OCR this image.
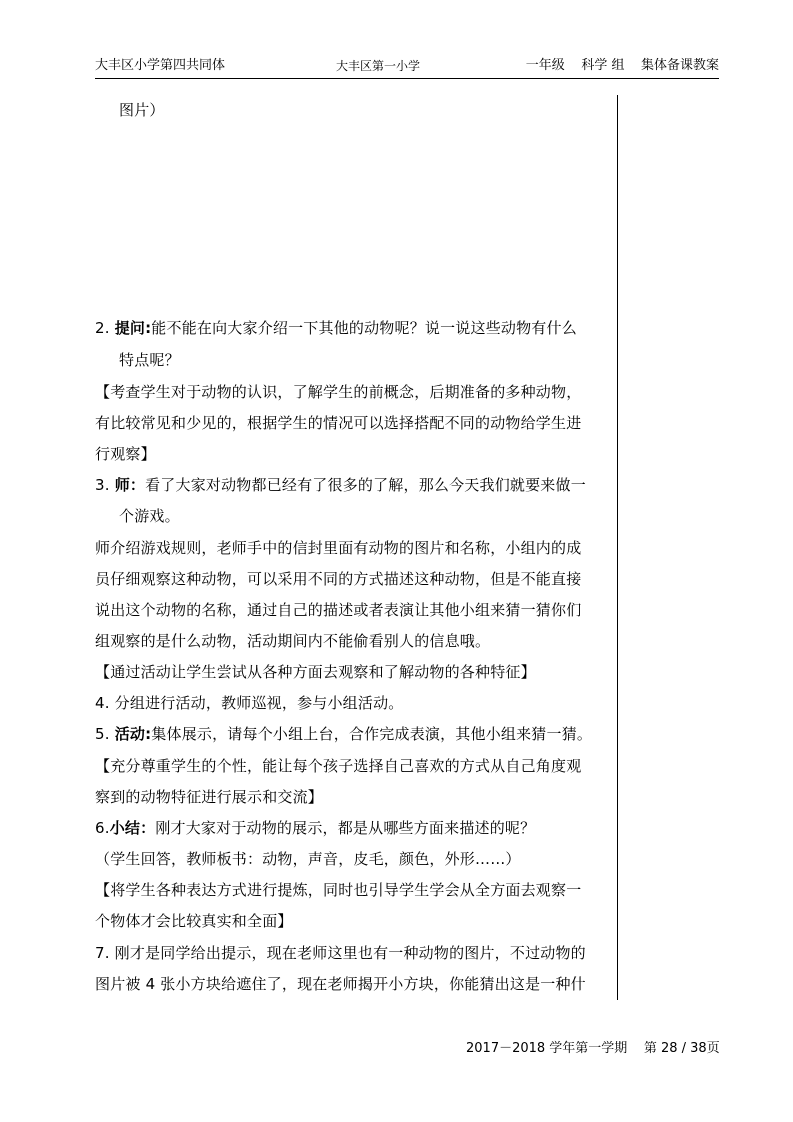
大丰区小学第四共同体	大丰区第一小学	一年级    科学 组    集体备课教案
图片）
2. 提问:能不能在向大家介绍一下其他的动物呢？说一说这些动物有什么
特点呢？
【考查学生对于动物的认识，了解学生的前概念，后期准备的多种动物，
有比较常见和少见的，根据学生的情况可以选择搭配不同的动物给学生进
行观察】
3. 师：看了大家对动物都已经有了很多的了解，那么今天我们就要来做一
个游戏。
师介绍游戏规则，老师手中的信封里面有动物的图片和名称，小组内的成
员仔细观察这种动物，可以采用不同的方式描述这种动物，但是不能直接
说出这个动物的名称，通过自己的描述或者表演让其他小组来猜一猜你们
组观察的是什么动物，活动期间内不能偷看别人的信息哦。
【通过活动让学生尝试从各种方面去观察和了解动物的各种特征】
4. 分组进行活动，教师巡视，参与小组活动。
5. 活动:集体展示，请每个小组上台，合作完成表演，其他小组来猜一猜。
【充分尊重学生的个性，能让每个孩子选择自己喜欢的方式从自己角度观
察到的动物特征进行展示和交流】
6.小结：刚才大家对于动物的展示，都是从哪些方面来描述的呢？
（学生回答，教师板书：动物，声音，皮毛，颜色，外形……）
【将学生各种表达方式进行提炼，同时也引导学生学会从全方面去观察一
个物体才会比较真实和全面】
7. 刚才是同学给出提示，现在老师这里也有一种动物的图片，不过动物的
图片被 4 张小方块给遮住了，现在老师揭开小方块，你能猜出这是一种什
2017－2018 学年第一学期    第 28 / 38页
